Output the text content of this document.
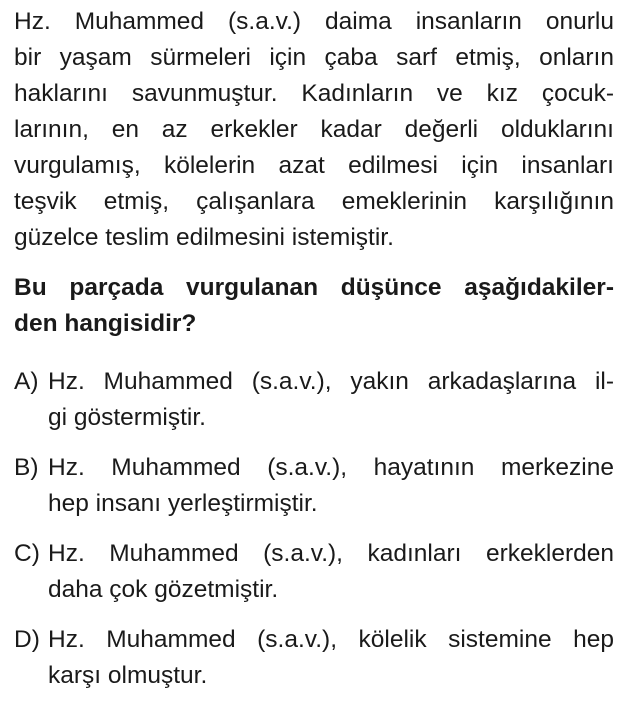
Hz. Muhammed (s.a.v.) daima insanların onurlu
bir yaşam sürmeleri için çaba sarf etmiş, onların
haklarını savunmuştur. Kadınların ve kız çocuk-
larının, en az erkekler kadar değerli olduklarını
vurgulamış, kölelerin azat edilmesi için insanları
teşvik etmiş, çalışanlara emeklerinin karşılığının
güzelce teslim edilmesini istemiştir.
Bu parçada vurgulanan düşünce aşağıdakiler-
den hangisidir?
A) Hz. Muhammed (s.a.v.), yakın arkadaşlarına il-
gi göstermiştir.
B) Hz. Muhammed (s.a.v.), hayatının merkezine
hep insanı yerleştirmiştir.
C) Hz. Muhammed (s.a.v.), kadınları erkeklerden
daha çok gözetmiştir.
D) Hz. Muhammed (s.a.v.), kölelik sistemine hep
karşı olmuştur.
